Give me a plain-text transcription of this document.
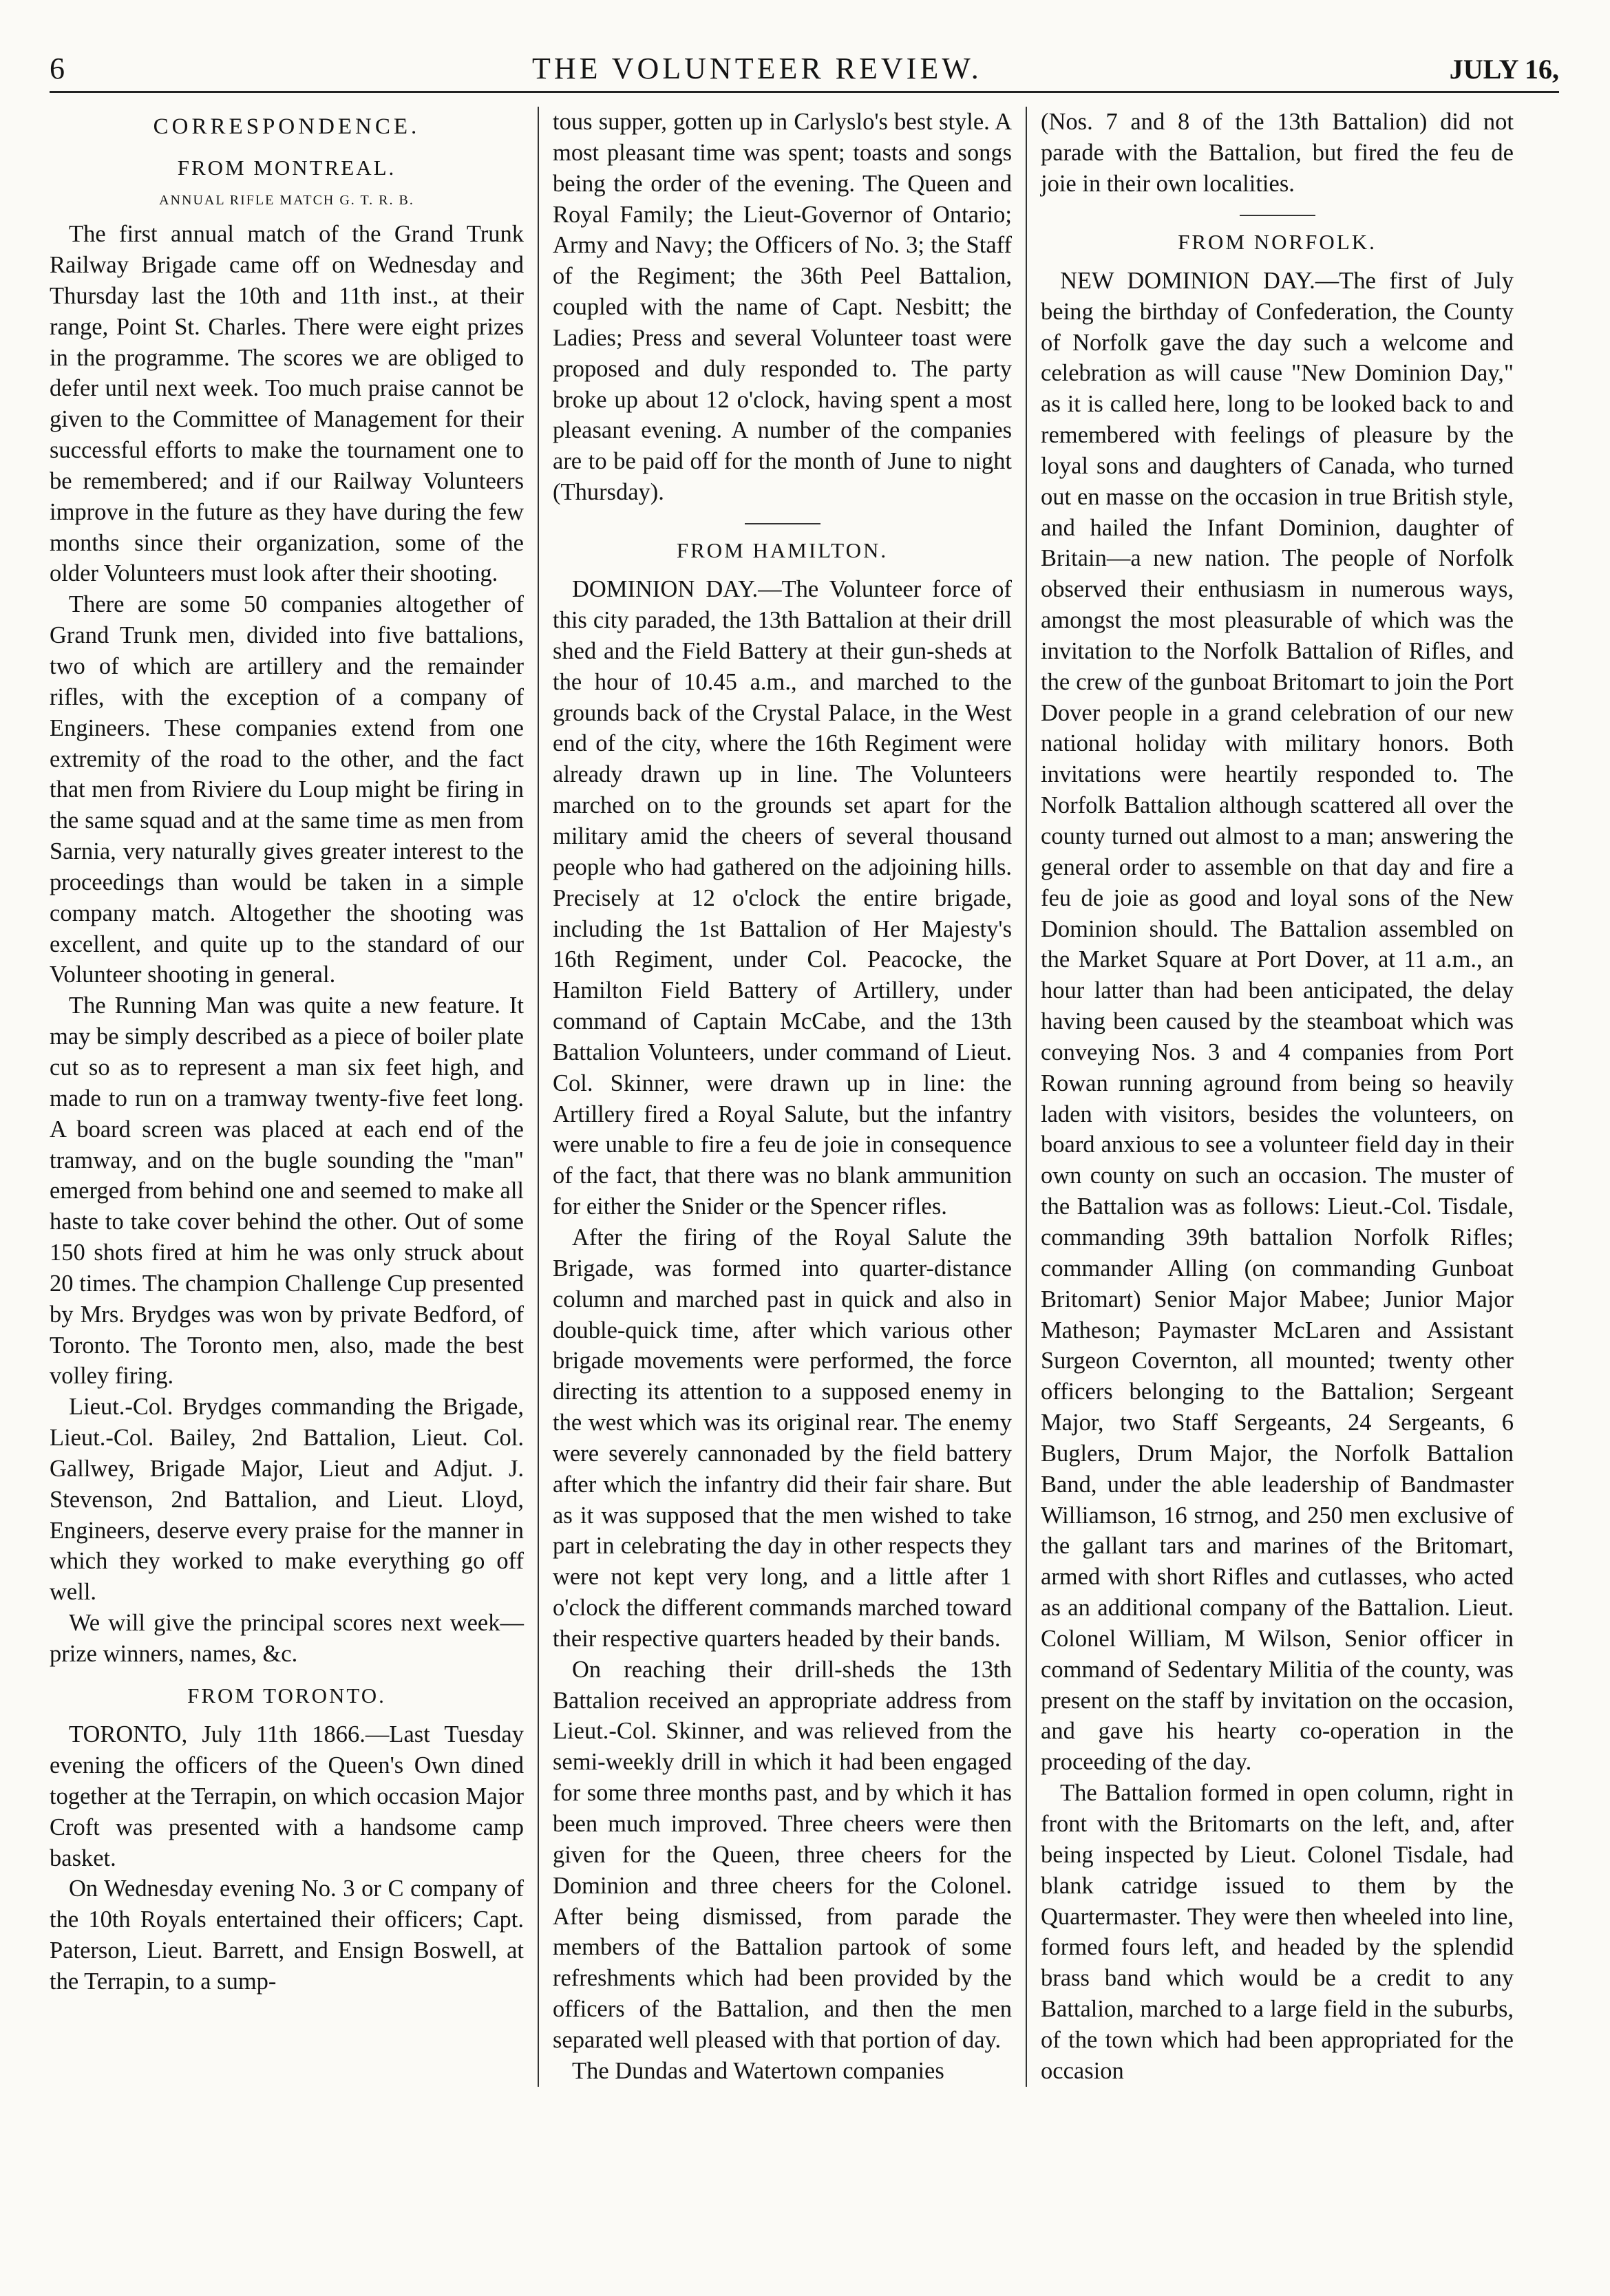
6	THE VOLUNTEER REVIEW.	JULY 16,
CORRESPONDENCE.
FROM MONTREAL.
ANNUAL RIFLE MATCH G. T. R. B.

The first annual match of the Grand Trunk Railway Brigade came off on Wednesday and Thursday last the 10th and 11th inst., at their range, Point St. Charles. There were eight prizes in the programme. The scores we are obliged to defer until next week. Too much praise cannot be given to the Committee of Management for their successful efforts to make the tournament one to be remembered; and if our Railway Volunteers improve in the future as they have during the few months since their organization, some of the older Volunteers must look after their shooting.

There are some 50 companies altogether of Grand Trunk men, divided into five battalions, two of which are artillery and the remainder rifles, with the exception of a company of Engineers. These companies extend from one extremity of the road to the other, and the fact that men from Riviere du Loup might be firing in the same squad and at the same time as men from Sarnia, very naturally gives greater interest to the proceedings than would be taken in a simple company match. Altogether the shooting was excellent, and quite up to the standard of our Volunteer shooting in general.

The Running Man was quite a new feature. It may be simply described as a piece of boiler plate cut so as to represent a man six feet high, and made to run on a tramway twenty-five feet long. A board screen was placed at each end of the tramway, and on the bugle sounding the "man" emerged from behind one and seemed to make all haste to take cover behind the other. Out of some 150 shots fired at him he was only struck about 20 times. The champion Challenge Cup presented by Mrs. Brydges was won by private Bedford, of Toronto. The Toronto men, also, made the best volley firing.

Lieut.-Col. Brydges commanding the Brigade, Lieut.-Col. Bailey, 2nd Battalion, Lieut. Col. Gallwey, Brigade Major, Lieut and Adjut. J. Stevenson, 2nd Battalion, and Lieut. Lloyd, Engineers, deserve every praise for the manner in which they worked to make everything go off well.

We will give the principal scores next week—prize winners, names, &c.

FROM TORONTO.

TORONTO, July 11th 1866.—Last Tuesday evening the officers of the Queen's Own dined together at the Terrapin, on which occasion Major Croft was presented with a handsome camp basket.

On Wednesday evening No. 3 or C company of the 10th Royals entertained their officers; Capt. Paterson, Lieut. Barrett, and Ensign Boswell, at the Terrapin, to a sump-

tous supper, gotten up in Carlyslo's best style. A most pleasant time was spent; toasts and songs being the order of the evening. The Queen and Royal Family; the Lieut-Governor of Ontario; Army and Navy; the Officers of No. 3; the Staff of the Regiment; the 36th Peel Battalion, coupled with the name of Capt. Nesbitt; the Ladies; Press and several Volunteer toast were proposed and duly responded to. The party broke up about 12 o'clock, having spent a most pleasant evening. A number of the companies are to be paid off for the month of June to night (Thursday).

FROM HAMILTON.

DOMINION DAY.—The Volunteer force of this city paraded, the 13th Battalion at their drill shed and the Field Battery at their gun-sheds at the hour of 10.45 a.m., and marched to the grounds back of the Crystal Palace, in the West end of the city, where the 16th Regiment were already drawn up in line. The Volunteers marched on to the grounds set apart for the military amid the cheers of several thousand people who had gathered on the adjoining hills. Precisely at 12 o'clock the entire brigade, including the 1st Battalion of Her Majesty's 16th Regiment, under Col. Peacocke, the Hamilton Field Battery of Artillery, under command of Captain McCabe, and the 13th Battalion Volunteers, under command of Lieut. Col. Skinner, were drawn up in line: the Artillery fired a Royal Salute, but the infantry were unable to fire a feu de joie in consequence of the fact, that there was no blank ammunition for either the Snider or the Spencer rifles.

After the firing of the Royal Salute the Brigade, was formed into quarter-distance column and marched past in quick and also in double-quick time, after which various other brigade movements were performed, the force directing its attention to a supposed enemy in the west which was its original rear. The enemy were severely cannonaded by the field battery after which the infantry did their fair share. But as it was supposed that the men wished to take part in celebrating the day in other respects they were not kept very long, and a little after 1 o'clock the different commands marched toward their respective quarters headed by their bands.

On reaching their drill-sheds the 13th Battalion received an appropriate address from Lieut.-Col. Skinner, and was relieved from the semi-weekly drill in which it had been engaged for some three months past, and by which it has been much improved. Three cheers were then given for the Queen, three cheers for the Dominion and three cheers for the Colonel. After being dismissed, from parade the members of the Battalion partook of some refreshments which had been provided by the officers of the Battalion, and then the men separated well pleased with that portion of day.

The Dundas and Watertown companies

(Nos. 7 and 8 of the 13th Battalion) did not parade with the Battalion, but fired the feu de joie in their own localities.

FROM NORFOLK.

NEW DOMINION DAY.—The first of July being the birthday of Confederation, the County of Norfolk gave the day such a welcome and celebration as will cause "New Dominion Day," as it is called here, long to be looked back to and remembered with feelings of pleasure by the loyal sons and daughters of Canada, who turned out en masse on the occasion in true British style, and hailed the Infant Dominion, daughter of Britain—a new nation. The people of Norfolk observed their enthusiasm in numerous ways, amongst the most pleasurable of which was the invitation to the Norfolk Battalion of Rifles, and the crew of the gunboat Britomart to join the Port Dover people in a grand celebration of our new national holiday with military honors. Both invitations were heartily responded to. The Norfolk Battalion although scattered all over the county turned out almost to a man; answering the general order to assemble on that day and fire a feu de joie as good and loyal sons of the New Dominion should. The Battalion assembled on the Market Square at Port Dover, at 11 a.m., an hour latter than had been anticipated, the delay having been caused by the steamboat which was conveying Nos. 3 and 4 companies from Port Rowan running aground from being so heavily laden with visitors, besides the volunteers, on board anxious to see a volunteer field day in their own county on such an occasion. The muster of the Battalion was as follows: Lieut.-Col. Tisdale, commanding 39th battalion Norfolk Rifles; commander Alling (on commanding Gunboat Britomart) Senior Major Mabee; Junior Major Matheson; Paymaster McLaren and Assistant Surgeon Covernton, all mounted; twenty other officers belonging to the Battalion; Sergeant Major, two Staff Sergeants, 24 Sergeants, 6 Buglers, Drum Major, the Norfolk Battalion Band, under the able leadership of Bandmaster Williamson, 16 strnog, and 250 men exclusive of the gallant tars and marines of the Britomart, armed with short Rifles and cutlasses, who acted as an additional company of the Battalion. Lieut. Colonel William, M Wilson, Senior officer in command of Sedentary Militia of the county, was present on the staff by invitation on the occasion, and gave his hearty co-operation in the proceeding of the day.

The Battalion formed in open column, right in front with the Britomarts on the left, and, after being inspected by Lieut. Colonel Tisdale, had blank catridge issued to them by the Quartermaster. They were then wheeled into line, formed fours left, and headed by the splendid brass band which would be a credit to any Battalion, marched to a large field in the suburbs, of the town which had been appropriated for the occasion
